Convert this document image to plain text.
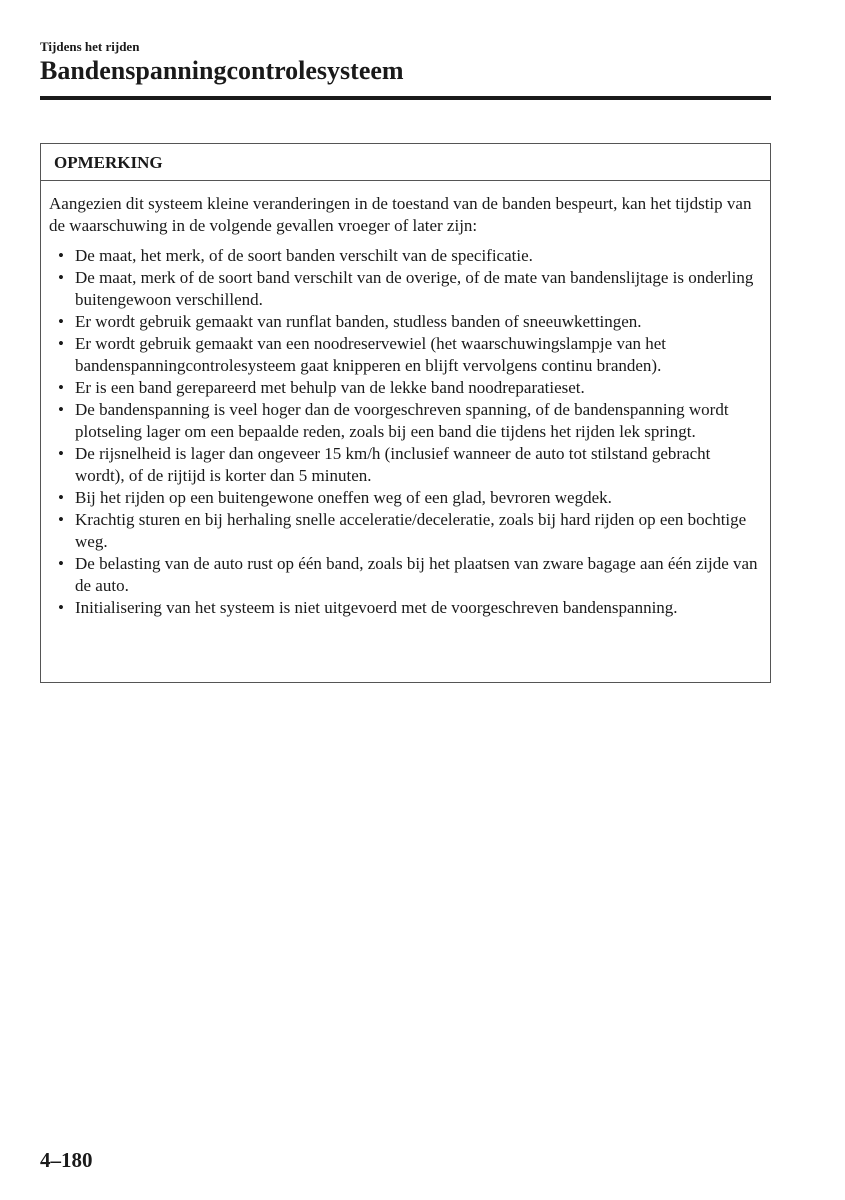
Tijdens het rijden
Bandenspanningcontrolesysteem
OPMERKING

Aangezien dit systeem kleine veranderingen in de toestand van de banden bespeurt, kan het tijdstip van de waarschuwing in de volgende gevallen vroeger of later zijn:

• De maat, het merk, of de soort banden verschilt van de specificatie.
• De maat, merk of de soort band verschilt van de overige, of de mate van bandenslijtage is onderling buitengewoon verschillend.
• Er wordt gebruik gemaakt van runflat banden, studless banden of sneeuwkettingen.
• Er wordt gebruik gemaakt van een noodreservewiel (het waarschuwingslampje van het bandenspanningcontrolesysteem gaat knipperen en blijft vervolgens continu branden).
• Er is een band gerepareerd met behulp van de lekke band noodreparatieset.
• De bandenspanning is veel hoger dan de voorgeschreven spanning, of de bandenspanning wordt plotseling lager om een bepaalde reden, zoals bij een band die tijdens het rijden lek springt.
• De rijsnelheid is lager dan ongeveer 15 km/h (inclusief wanneer de auto tot stilstand gebracht wordt), of de rijtijd is korter dan 5 minuten.
• Bij het rijden op een buitengewone oneffen weg of een glad, bevroren wegdek.
• Krachtig sturen en bij herhaling snelle acceleratie/deceleratie, zoals bij hard rijden op een bochtige weg.
• De belasting van de auto rust op één band, zoals bij het plaatsen van zware bagage aan één zijde van de auto.
• Initialisering van het systeem is niet uitgevoerd met de voorgeschreven bandenspanning.
4–180
